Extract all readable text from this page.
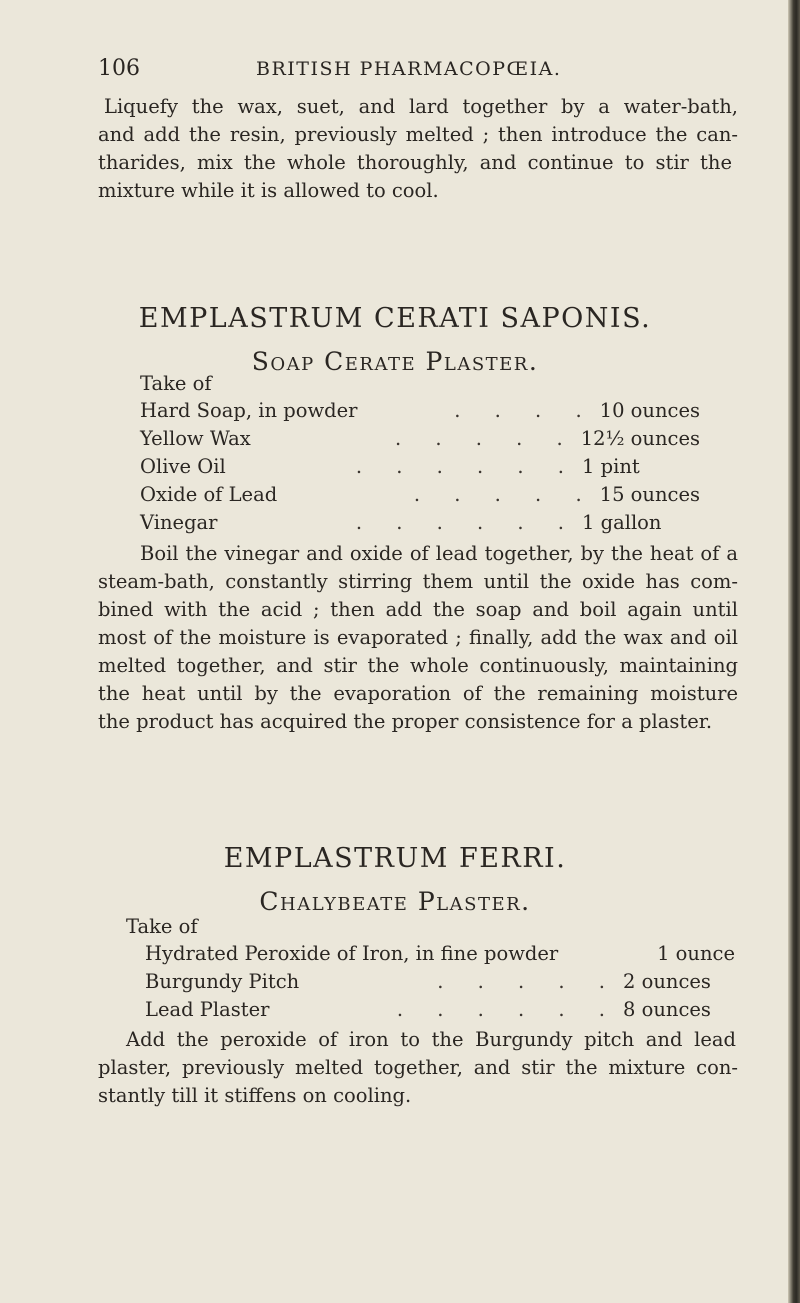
106	BRITISH PHARMACOPŒIA.
Liquefy the wax, suet, and lard together by a water-bath,
and add the resin, previously melted ; then introduce the can-
tharides, mix the whole thoroughly, and continue to stir the
mixture while it is allowed to cool.
EMPLASTRUM CERATI SAPONIS.
Soap Cerate Plaster.
Take of
Hard Soap, in powder	. . . . 10 ounces
Yellow Wax	. . . . . 12½ ounces
Olive Oil	. . . . . . 1 pint
Oxide of Lead	. . . . . 15 ounces
Vinegar	. . . . . . 1 gallon
Boil the vinegar and oxide of lead together, by the heat of a
steam-bath, constantly stirring them until the oxide has com-
bined with the acid ; then add the soap and boil again until
most of the moisture is evaporated ; finally, add the wax and oil
melted together, and stir the whole continuously, maintaining
the heat until by the evaporation of the remaining moisture
the product has acquired the proper consistence for a plaster.
EMPLASTRUM FERRI.
Chalybeate Plaster.
Take of
Hydrated Peroxide of Iron, in fine powder	1 ounce
Burgundy Pitch	. . . . . 2 ounces
Lead Plaster	. . . . . . 8 ounces
Add the peroxide of iron to the Burgundy pitch and lead
plaster, previously melted together, and stir the mixture con-
stantly till it stiffens on cooling.
